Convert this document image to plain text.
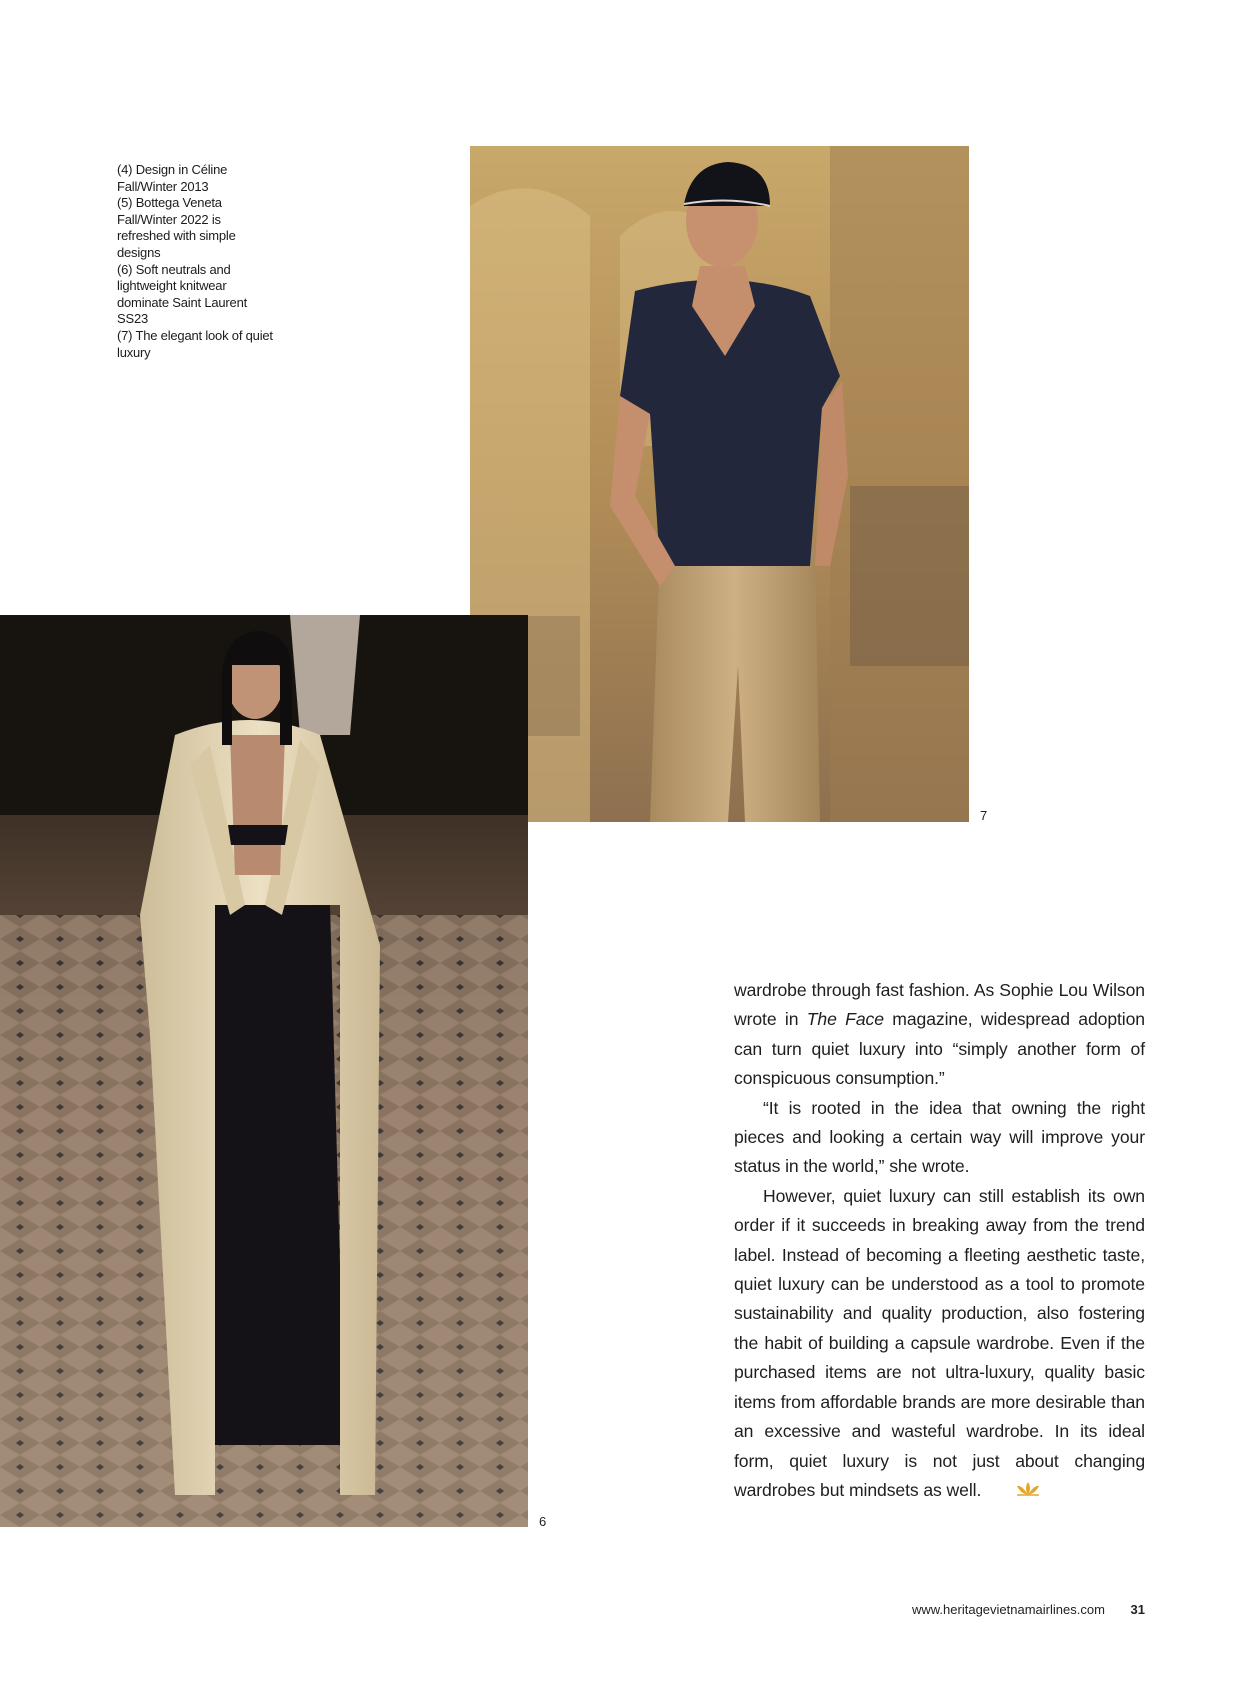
(4) Design in Céline Fall/Winter 2013
(5) Bottega Veneta Fall/Winter 2022 is refreshed with simple designs
(6) Soft neutrals and lightweight knitwear dominate Saint Laurent SS23
(7) The elegant look of quiet luxury
7
6

wardrobe through fast fashion. As Sophie Lou Wilson wrote in The Face magazine, widespread adoption can turn quiet luxury into “simply another form of conspicuous consumption.”

“It is rooted in the idea that owning the right pieces and looking a certain way will improve your status in the world,” she wrote.

However, quiet luxury can still establish its own order if it succeeds in breaking away from the trend label. Instead of becoming a fleeting aesthetic taste, quiet luxury can be understood as a tool to promote sustainability and quality production, also fostering the habit of building a capsule wardrobe. Even if the purchased items are not ultra-luxury, quality basic items from affordable brands are more desirable than an excessive and wasteful wardrobe. In its ideal form, quiet luxury is not just about changing wardrobes but mindsets as well.

www.heritagevietnamairlines.com 31
